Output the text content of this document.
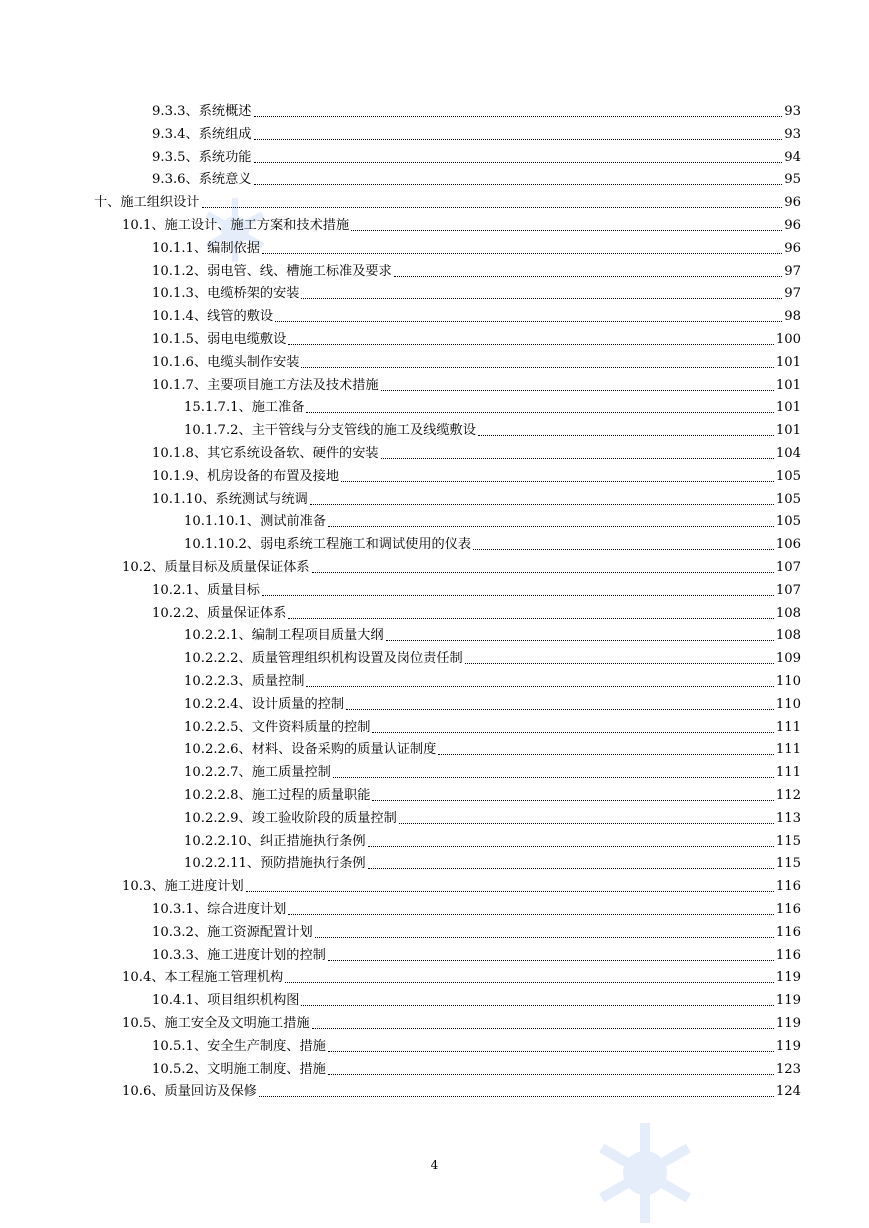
9.3.3、系统概述	93
9.3.4、系统组成	93
9.3.5、系统功能	94
9.3.6、系统意义	95
十、施工组织设计	96
10.1、施工设计、施工方案和技术措施	96
10.1.1、编制依据	96
10.1.2、弱电管、线、槽施工标准及要求	97
10.1.3、电缆桥架的安装	97
10.1.4、线管的敷设	98
10.1.5、弱电电缆敷设	100
10.1.6、电缆头制作安装	101
10.1.7、主要项目施工方法及技术措施	101
15.1.7.1、施工准备	101
10.1.7.2、主干管线与分支管线的施工及线缆敷设	101
10.1.8、其它系统设备软、硬件的安装	104
10.1.9、机房设备的布置及接地	105
10.1.10、系统测试与统调	105
10.1.10.1、测试前准备	105
10.1.10.2、弱电系统工程施工和调试使用的仪表	106
10.2、质量目标及质量保证体系	107
10.2.1、质量目标	107
10.2.2、质量保证体系	108
10.2.2.1、编制工程项目质量大纲	108
10.2.2.2、质量管理组织机构设置及岗位责任制	109
10.2.2.3、质量控制	110
10.2.2.4、设计质量的控制	110
10.2.2.5、文件资料质量的控制	111
10.2.2.6、材料、设备采购的质量认证制度	111
10.2.2.7、施工质量控制	111
10.2.2.8、施工过程的质量职能	112
10.2.2.9、竣工验收阶段的质量控制	113
10.2.2.10、纠正措施执行条例	115
10.2.2.11、预防措施执行条例	115
10.3、施工进度计划	116
10.3.1、综合进度计划	116
10.3.2、施工资源配置计划	116
10.3.3、施工进度计划的控制	116
10.4、本工程施工管理机构	119
10.4.1、项目组织机构图	119
10.5、施工安全及文明施工措施	119
10.5.1、安全生产制度、措施	119
10.5.2、文明施工制度、措施	123
10.6、质量回访及保修	124
4
